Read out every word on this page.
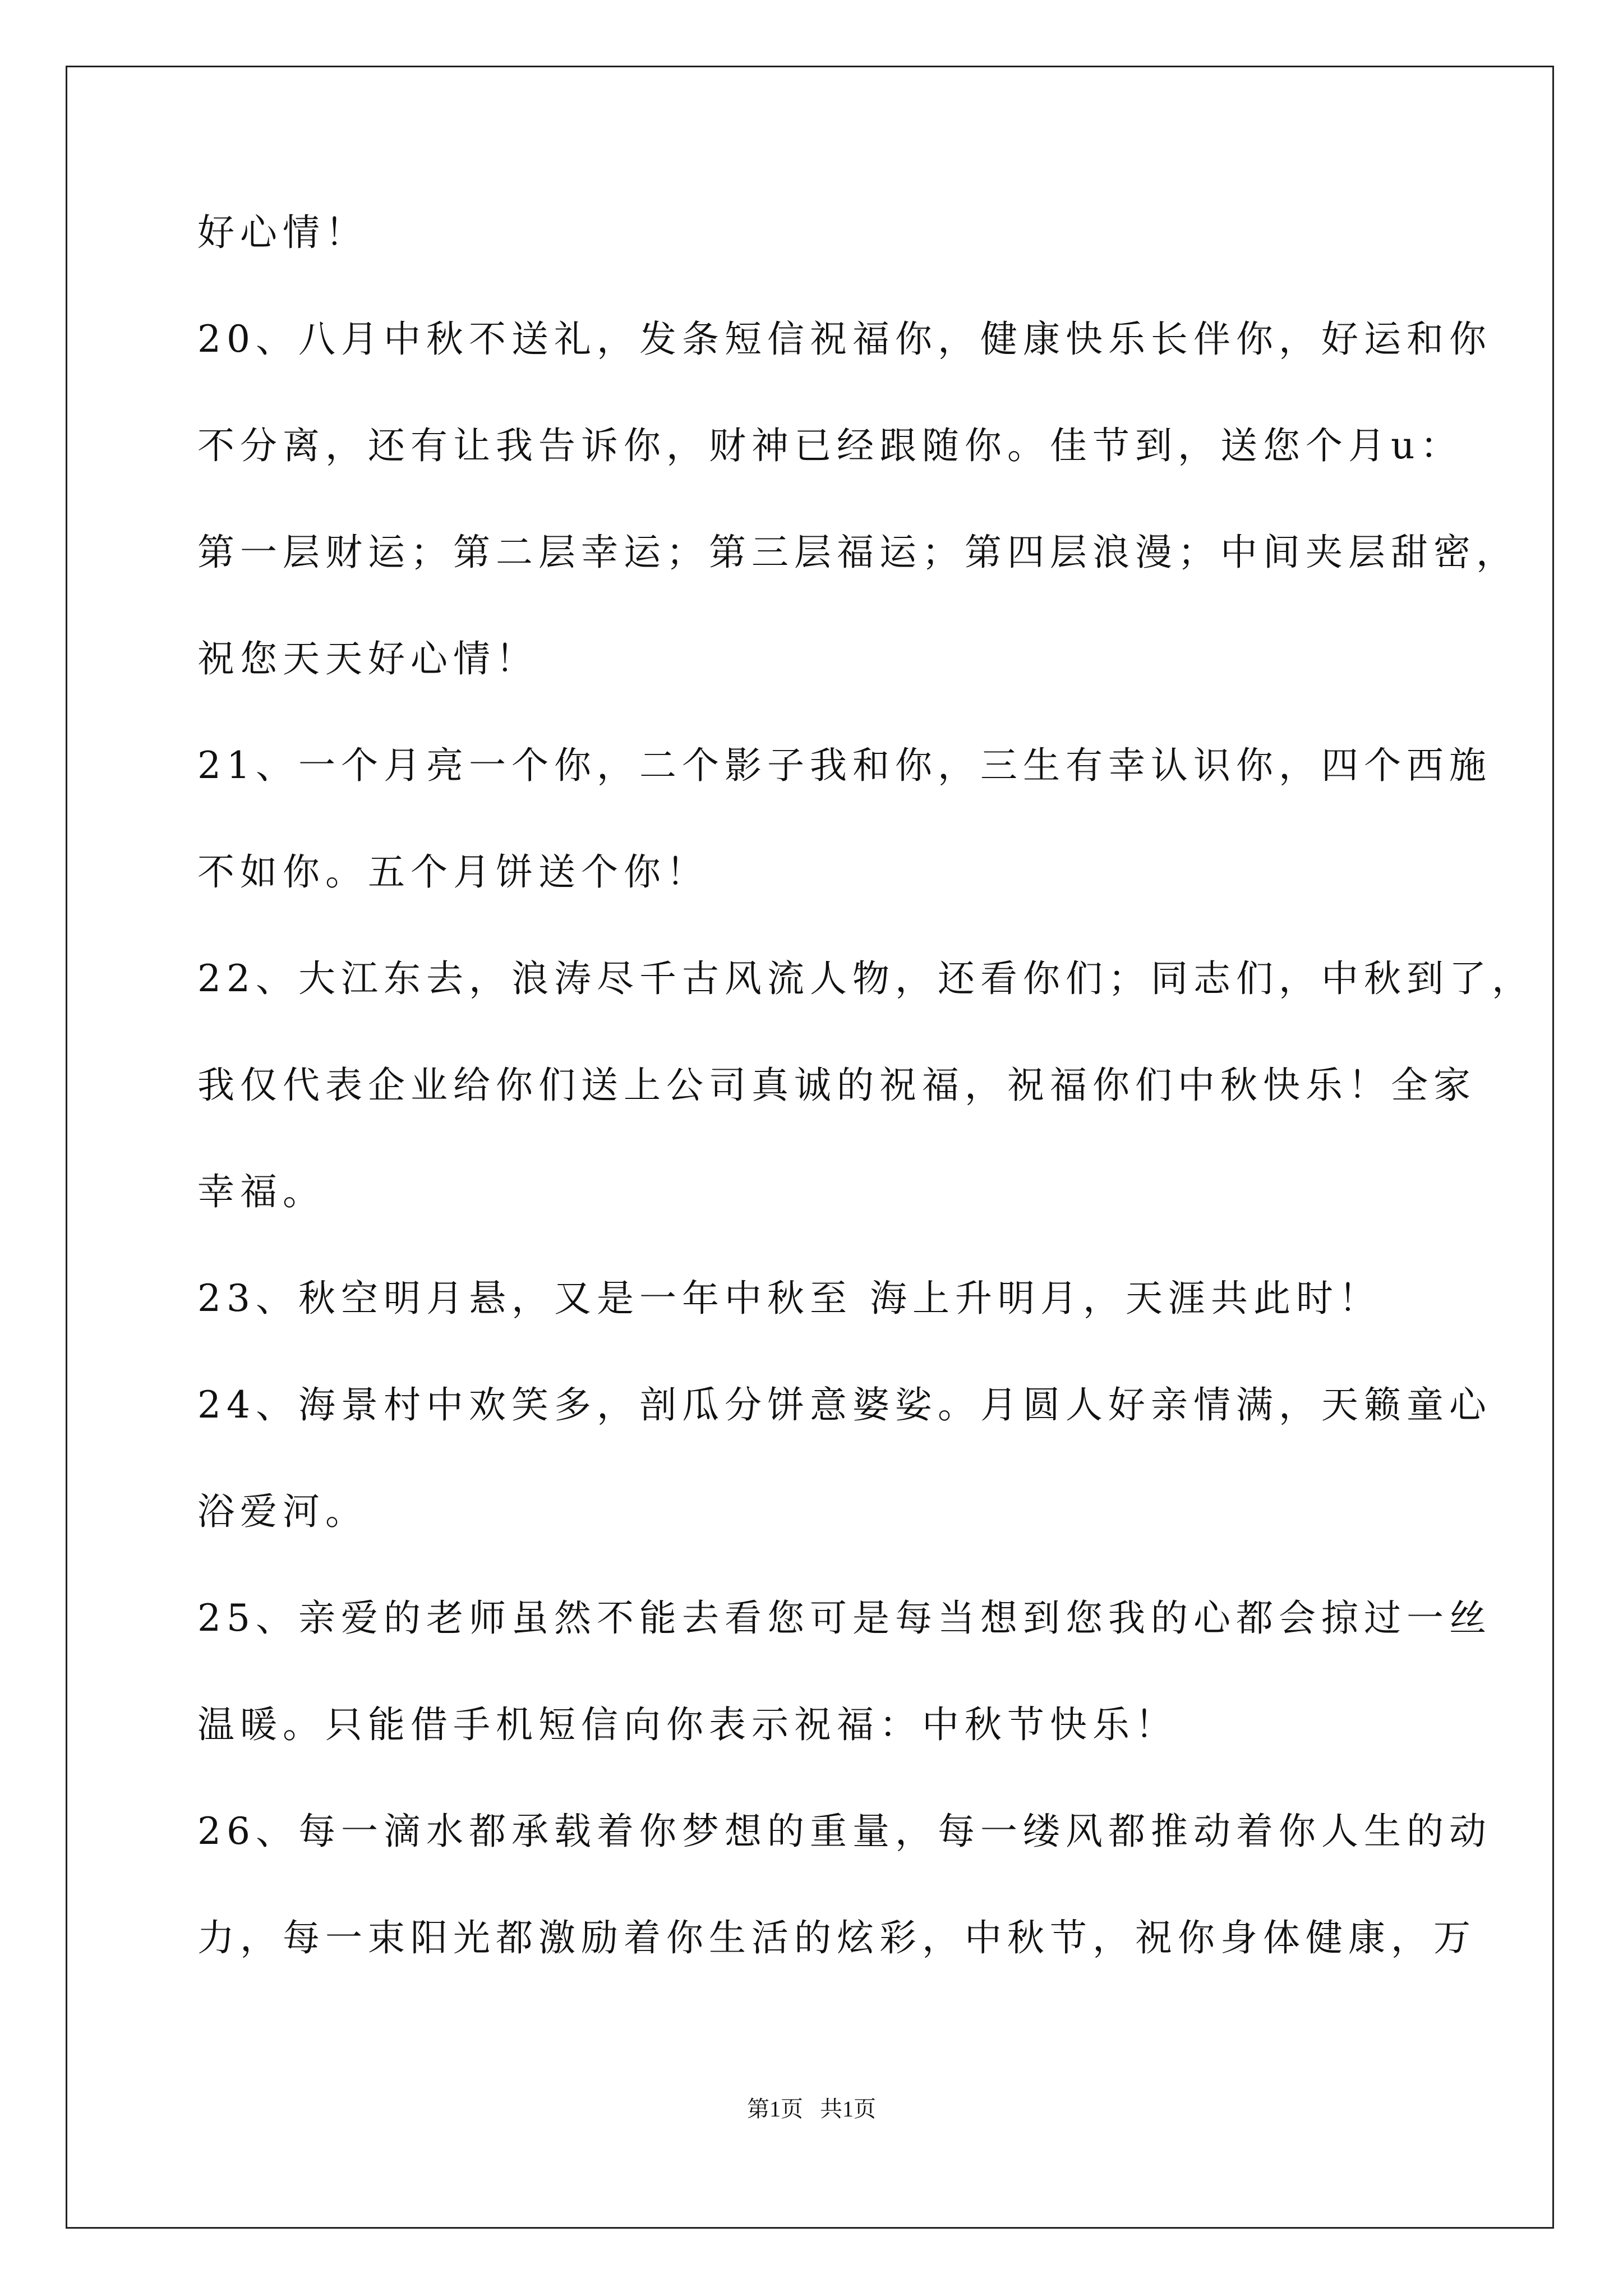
好心情！
20、八月中秋不送礼，发条短信祝福你，健康快乐长伴你，好运和你
不分离，还有让我告诉你，财神已经跟随你。佳节到，送您个月u：
第一层财运；第二层幸运；第三层福运；第四层浪漫；中间夹层甜密，
祝您天天好心情！
21、一个月亮一个你，二个影子我和你，三生有幸认识你，四个西施
不如你。五个月饼送个你！
22、大江东去，浪涛尽千古风流人物，还看你们；同志们，中秋到了，
我仅代表企业给你们送上公司真诚的祝福，祝福你们中秋快乐！全家
幸福。
23、秋空明月悬，又是一年中秋至 海上升明月，天涯共此时！
24、海景村中欢笑多，剖瓜分饼意婆娑。月圆人好亲情满，天籁童心
浴爱河。
25、亲爱的老师虽然不能去看您可是每当想到您我的心都会掠过一丝
温暖。只能借手机短信向你表示祝福：中秋节快乐！
26、每一滴水都承载着你梦想的重量，每一缕风都推动着你人生的动
力，每一束阳光都激励着你生活的炫彩，中秋节，祝你身体健康，万
第1页 共1页
